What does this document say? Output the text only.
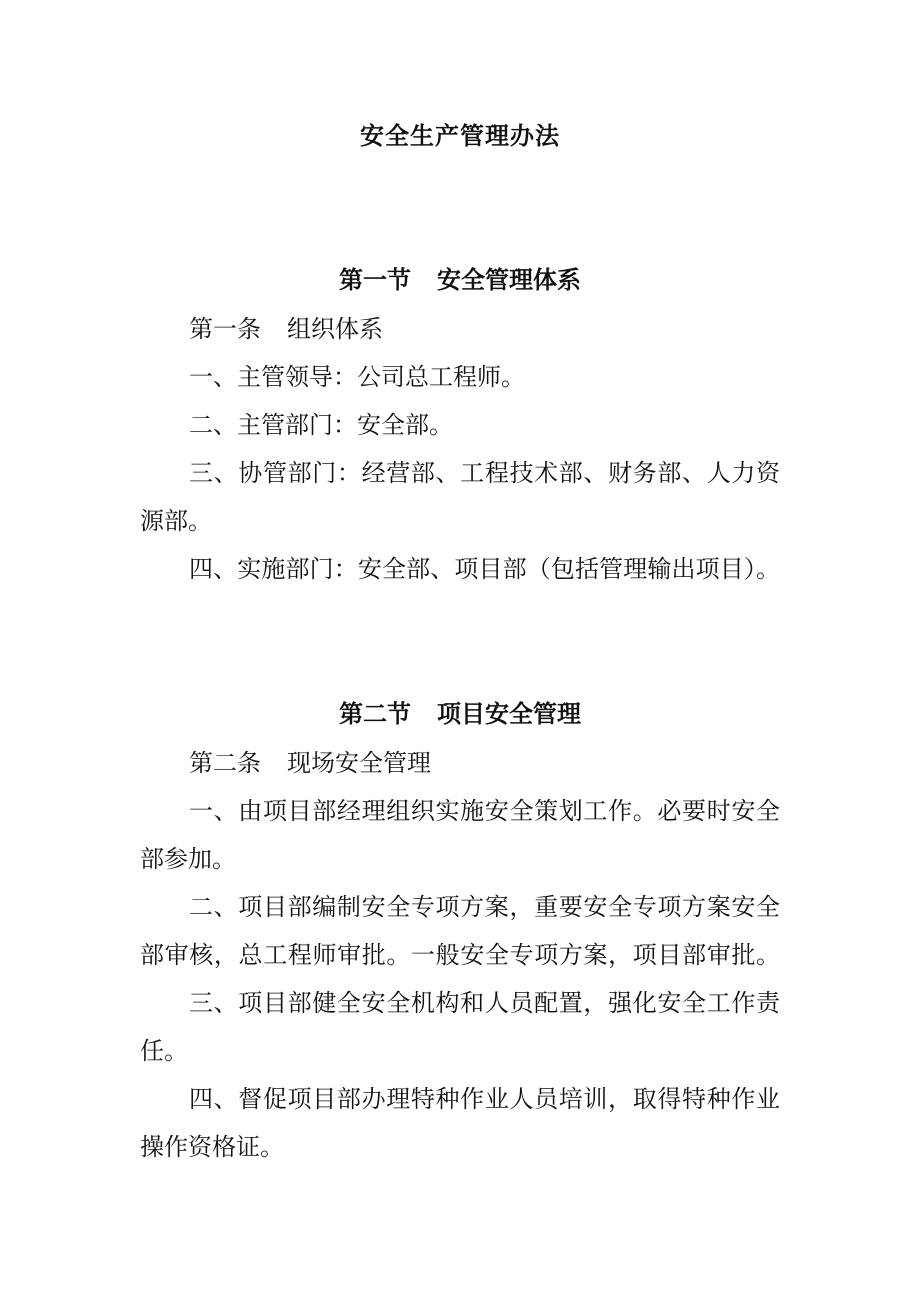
安全生产管理办法
第一节 安全管理体系
第一条 组织体系
一、主管领导：公司总工程师。
二、主管部门：安全部。
三、协管部门：经营部、工程技术部、财务部、人力资
源部。
四、实施部门：安全部、项目部（包括管理输出项目）。
第二节 项目安全管理
第二条 现场安全管理
一、由项目部经理组织实施安全策划工作。必要时安全
部参加。
二、项目部编制安全专项方案，重要安全专项方案安全
部审核，总工程师审批。一般安全专项方案，项目部审批。
三、项目部健全安全机构和人员配置，强化安全工作责
任。
四、督促项目部办理特种作业人员培训，取得特种作业
操作资格证。
